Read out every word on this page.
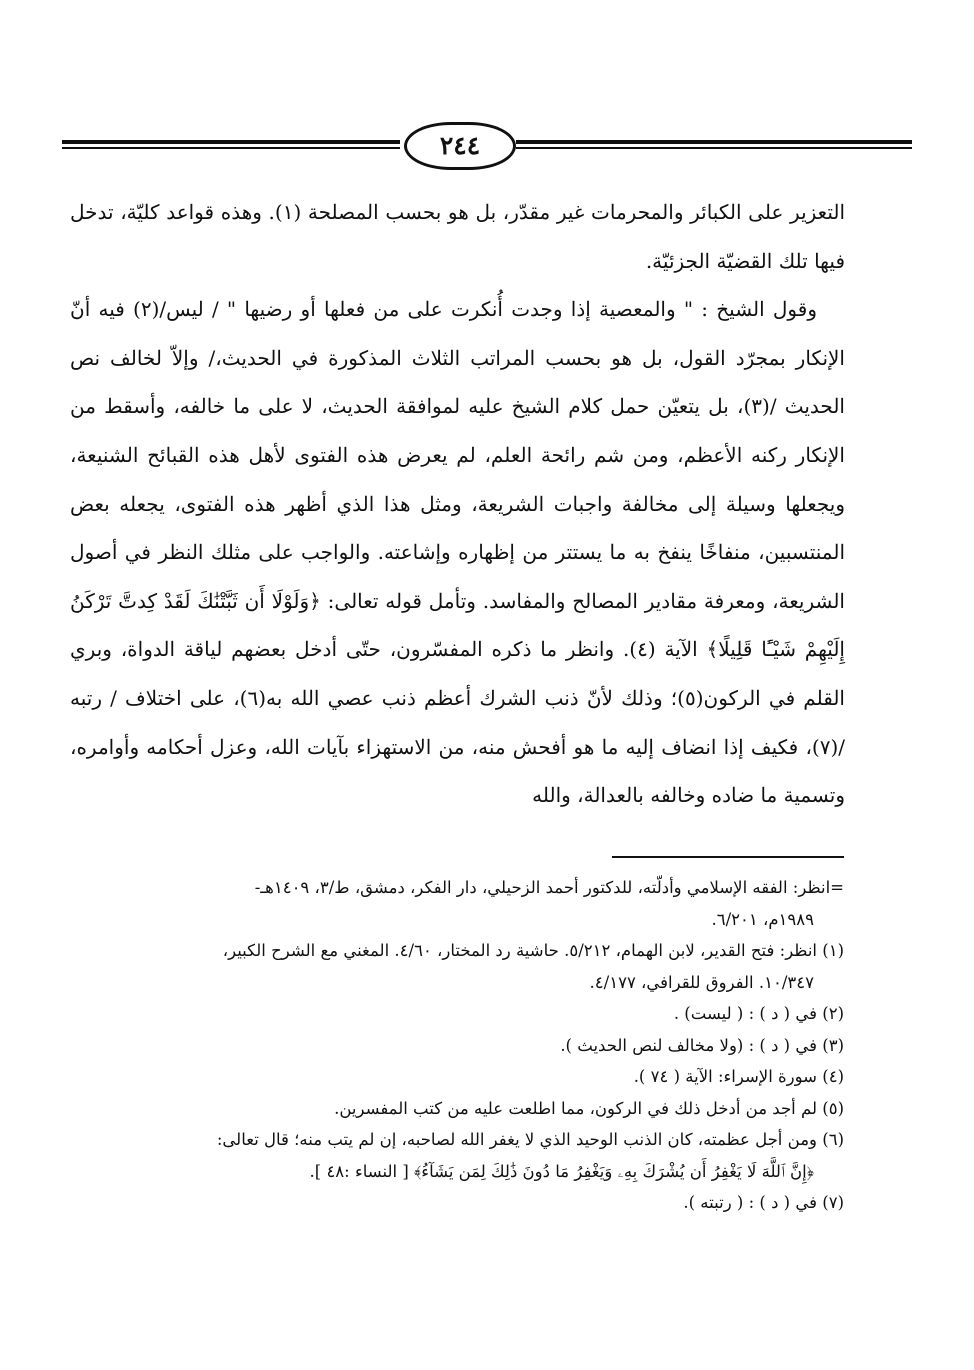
٢٤٤

التعزير على الكبائر والمحرمات غير مقدّر، بل هو بحسب المصلحة (١). وهذه قواعد كليّة، تدخل فيها تلك القضيّة الجزئيّة.

وقول الشيخ : " والمعصية إذا وجدت أُنكرت على من فعلها أو رضيها " / ليس/(٢) فيه أنّ الإنكار بمجرّد القول، بل هو بحسب المراتب الثلاث المذكورة في الحديث،/ وإلاّ لخالف نص الحديث /(٣)، بل يتعيّن حمل كلام الشيخ عليه لموافقة الحديث، لا على ما خالفه، وأسقط من الإنكار ركنه الأعظم، ومن شم رائحة العلم، لم يعرض هذه الفتوى لأهل هذه القبائح الشنيعة، ويجعلها وسيلة إلى مخالفة واجبات الشريعة، ومثل هذا الذي أظهر هذه الفتوى، يجعله بعض المنتسبين، منفاخًا ينفخ به ما يستتر من إظهاره وإشاعته. والواجب على مثلك النظر في أصول الشريعة، ومعرفة مقادير المصالح والمفاسد. وتأمل قوله تعالى: ﴿وَلَوْلَا أَن ثَبَّتْنَٰكَ لَقَدْ كِدتَّ تَرْكَنُ إِلَيْهِمْ شَيْـًٔا قَلِيلًا﴾ الآية (٤). وانظر ما ذكره المفسّرون، حتّى أدخل بعضهم لياقة الدواة، وبري القلم في الركون(٥)؛ وذلك لأنّ ذنب الشرك أعظم ذنب عصي الله به(٦)، على اختلاف / رتبه /(٧)، فكيف إذا انضاف إليه ما هو أفحش منه، من الاستهزاء بآيات الله، وعزل أحكامه وأوامره، وتسمية ما ضاده وخالفه بالعدالة، والله

=انظر: الفقه الإسلامي وأدلّته، للدكتور أحمد الزحيلي، دار الفكر، دمشق، ط/٣، ١٤٠٩هـ-

١٩٨٩م، ٦/٢٠١.

(١) انظر: فتح القدير، لابن الهمام، ٥/٢١٢. حاشية رد المختار، ٤/٦٠. المغني مع الشرح الكبير،

١٠/٣٤٧. الفروق للقرافي، ٤/١٧٧.

(٢) في ( د ) : ( ليست) .

(٣) في ( د ) : (ولا مخالف لنص الحديث ).

(٤) سورة الإسراء: الآية ( ٧٤ ).

(٥) لم أجد من أدخل ذلك في الركون، مما اطلعت عليه من كتب المفسرين.

(٦) ومن أجل عظمته، كان الذنب الوحيد الذي لا يغفر الله لصاحبه، إن لم يتب منه؛ قال تعالى:

﴿إِنَّ ٱللَّهَ لَا يَغْفِرُ أَن يُشْرَكَ بِهِۦ وَيَغْفِرُ مَا دُونَ ذَٰلِكَ لِمَن يَشَآءُ﴾ [ النساء :٤٨ ].

(٧) في ( د ) : ( رتبته ).
